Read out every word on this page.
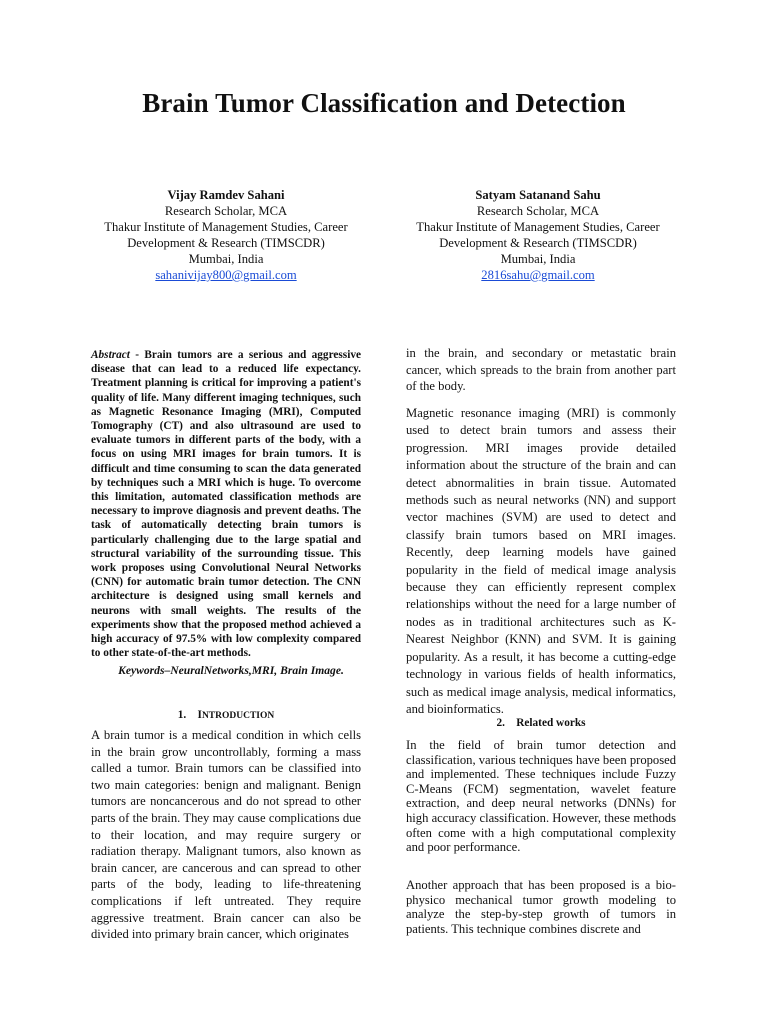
Brain Tumor Classification and Detection
Vijay Ramdev Sahani
Research Scholar, MCA
Thakur Institute of Management Studies, Career
Development & Research (TIMSCDR)
Mumbai, India
sahanivijay800@gmail.com
Satyam Satanand Sahu
Research Scholar, MCA
Thakur Institute of Management Studies, Career
Development & Research (TIMSCDR)
Mumbai, India
2816sahu@gmail.com
Abstract - Brain tumors are a serious and aggressive disease that can lead to a reduced life expectancy. Treatment planning is critical for improving a patient's quality of life. Many different imaging techniques, such as Magnetic Resonance Imaging (MRI), Computed Tomography (CT) and also ultrasound are used to evaluate tumors in different parts of the body, with a focus on using MRI images for brain tumors. It is difficult and time consuming to scan the data generated by techniques such a MRI which is huge. To overcome this limitation, automated classification methods are necessary to improve diagnosis and prevent deaths. The task of automatically detecting brain tumors is particularly challenging due to the large spatial and structural variability of the surrounding tissue. This work proposes using Convolutional Neural Networks (CNN) for automatic brain tumor detection. The CNN architecture is designed using small kernels and neurons with small weights. The results of the experiments show that the proposed method achieved a high accuracy of 97.5% with low complexity compared to other state-of-the-art methods.
Keywords–NeuralNetworks,MRI, Brain Image.
1. INTRODUCTION
A brain tumor is a medical condition in which cells in the brain grow uncontrollably, forming a mass called a tumor. Brain tumors can be classified into two main categories: benign and malignant. Benign tumors are noncancerous and do not spread to other parts of the brain. They may cause complications due to their location, and may require surgery or radiation therapy. Malignant tumors, also known as brain cancer, are cancerous and can spread to other parts of the body, leading to life-threatening complications if left untreated. They require aggressive treatment. Brain cancer can also be divided into primary brain cancer, which originates
in the brain, and secondary or metastatic brain cancer, which spreads to the brain from another part of the body.
Magnetic resonance imaging (MRI) is commonly used to detect brain tumors and assess their progression. MRI images provide detailed information about the structure of the brain and can detect abnormalities in brain tissue. Automated methods such as neural networks (NN) and support vector machines (SVM) are used to detect and classify brain tumors based on MRI images. Recently, deep learning models have gained popularity in the field of medical image analysis because they can efficiently represent complex relationships without the need for a large number of nodes as in traditional architectures such as K-Nearest Neighbor (KNN) and SVM. It is gaining popularity. As a result, it has become a cutting-edge technology in various fields of health informatics, such as medical image analysis, medical informatics, and bioinformatics.
2. Related works
In the field of brain tumor detection and classification, various techniques have been proposed and implemented. These techniques include Fuzzy C-Means (FCM) segmentation, wavelet feature extraction, and deep neural networks (DNNs) for high accuracy classification. However, these methods often come with a high computational complexity and poor performance.
Another approach that has been proposed is a bio-physico mechanical tumor growth modeling to analyze the step-by-step growth of tumors in patients. This technique combines discrete and
